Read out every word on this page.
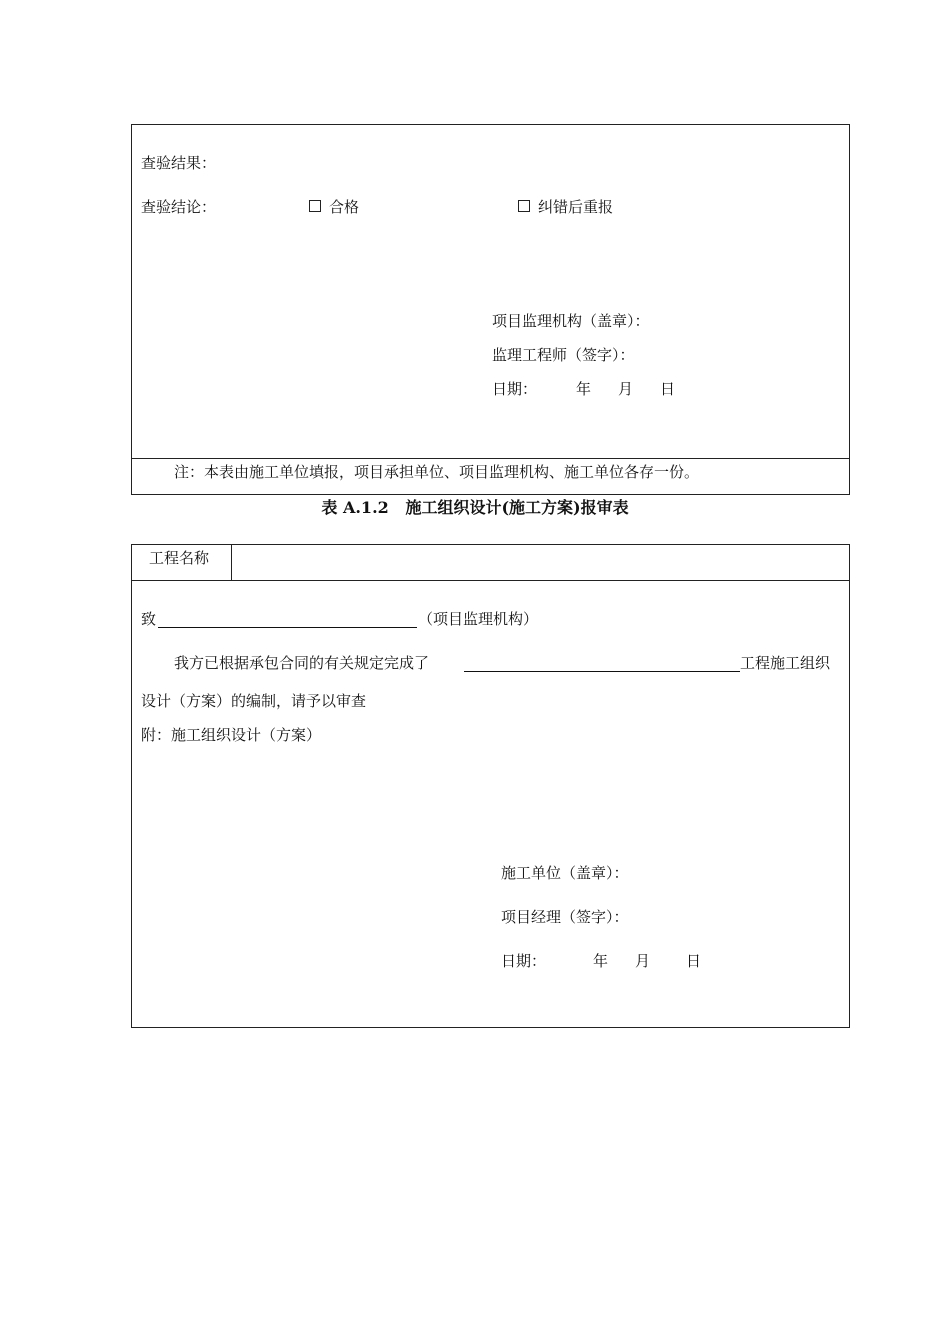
查验结果：
查验结论：	合格	纠错后重报
项目监理机构（盖章）：
监理工程师（签字）：
日期：	年 月 日
注：本表由施工单位填报，项目承担单位、项目监理机构、施工单位各存一份。
表 A.1.2   施工组织设计(施工方案)报审表
工程名称
致	（项目监理机构）
我方已根据承包合同的有关规定完成了	工程施工组织
设计（方案）的编制，请予以审查
附：施工组织设计（方案）
施工单位（盖章）：
项目经理（签字）：
日期：	年 月 日
